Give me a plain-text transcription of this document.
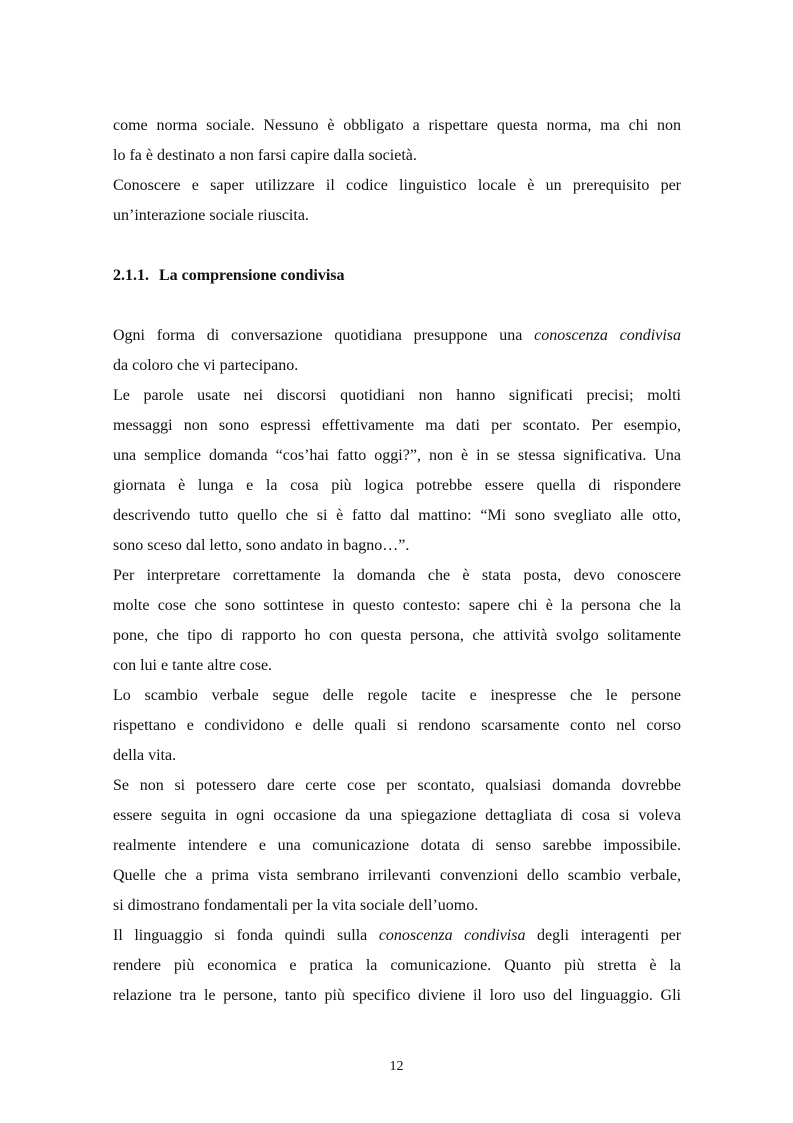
come norma sociale. Nessuno è obbligato a rispettare questa norma, ma chi non
lo fa è destinato a non farsi capire dalla società.
Conoscere e saper utilizzare il codice linguistico locale è un prerequisito per
un’interazione sociale riuscita.
2.1.1. La comprensione condivisa
Ogni forma di conversazione quotidiana presuppone una conoscenza condivisa
da coloro che vi partecipano.
Le parole usate nei discorsi quotidiani non hanno significati precisi; molti
messaggi non sono espressi effettivamente ma dati per scontato. Per esempio,
una semplice domanda “cos’hai fatto oggi?”, non è in se stessa significativa. Una
giornata è lunga e la cosa più logica potrebbe essere quella di rispondere
descrivendo tutto quello che si è fatto dal mattino: “Mi sono svegliato alle otto,
sono sceso dal letto, sono andato in bagno…”.
Per interpretare correttamente la domanda che è stata posta, devo conoscere
molte cose che sono sottintese in questo contesto: sapere chi è la persona che la
pone, che tipo di rapporto ho con questa persona, che attività svolgo solitamente
con lui e tante altre cose.
Lo scambio verbale segue delle regole tacite e inespresse che le persone
rispettano e condividono e delle quali si rendono scarsamente conto nel corso
della vita.
Se non si potessero dare certe cose per scontato, qualsiasi domanda dovrebbe
essere seguita in ogni occasione da una spiegazione dettagliata di cosa si voleva
realmente intendere e una comunicazione dotata di senso sarebbe impossibile.
Quelle che a prima vista sembrano irrilevanti convenzioni dello scambio verbale,
si dimostrano fondamentali per la vita sociale dell’uomo.
Il linguaggio si fonda quindi sulla conoscenza condivisa degli interagenti per
rendere più economica e pratica la comunicazione. Quanto più stretta è la
relazione tra le persone, tanto più specifico diviene il loro uso del linguaggio. Gli
12
